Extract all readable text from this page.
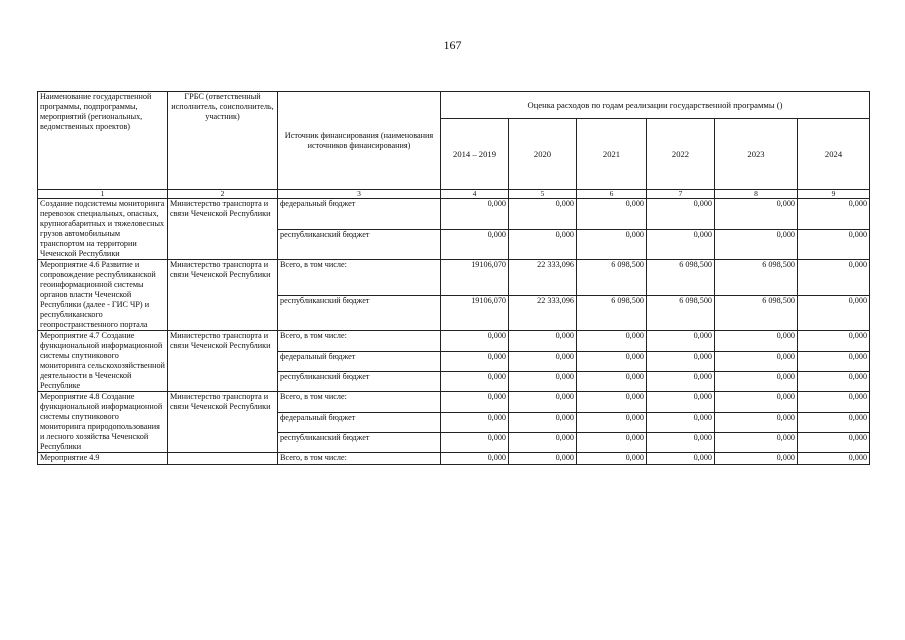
167
Наименование государственной программы, подпрограммы, мероприятий (региональных, ведомственных проектов)	ГРБС (ответственный исполнитель, соисполнитель, участник)	Источник финансирования (наименования источников финансирования)	Оценка расходов по годам реализации государственной программы ()					
			2014 – 2019	2020	2021	2022	2023	2024
1	2	3	4	5	6	7	8	9
Создание подсистемы мониторинга перевозок специальных, опасных, крупногабаритных и тяжеловесных грузов автомобильным транспортом на территории Чеченской Республики	Министерство транспорта и связи Чеченской Республики	федеральный бюджет	0,000	0,000	0,000	0,000	0,000	0,000
		республиканский бюджет	0,000	0,000	0,000	0,000	0,000	0,000
Мероприятие 4.6 Развитие и сопровождение республиканской геоинформационной системы органов власти Чеченской Республики (далее - ГИС ЧР) и республиканского геопространственного портала	Министерство транспорта и связи Чеченской Республики	Всего, в том числе:	19106,070	22 333,096	6 098,500	6 098,500	6 098,500	0,000
		республиканский бюджет	19106,070	22 333,096	6 098,500	6 098,500	6 098,500	0,000
Мероприятие 4.7 Создание функциональной информационной системы спутникового мониторинга сельскохозяйственной деятельности в Чеченской Республике	Министерство транспорта и связи Чеченской Республики	Всего, в том числе:	0,000	0,000	0,000	0,000	0,000	0,000
		федеральный бюджет	0,000	0,000	0,000	0,000	0,000	0,000
		республиканский бюджет	0,000	0,000	0,000	0,000	0,000	0,000
Мероприятие 4.8 Создание функциональной информационной системы спутникового мониторинга природопользования и лесного хозяйства Чеченской Республики	Министерство транспорта и связи Чеченской Республики	Всего, в том числе:	0,000	0,000	0,000	0,000	0,000	0,000
		федеральный бюджет	0,000	0,000	0,000	0,000	0,000	0,000
		республиканский бюджет	0,000	0,000	0,000	0,000	0,000	0,000
Мероприятие 4.9		Всего, в том числе:	0,000	0,000	0,000	0,000	0,000	0,000
